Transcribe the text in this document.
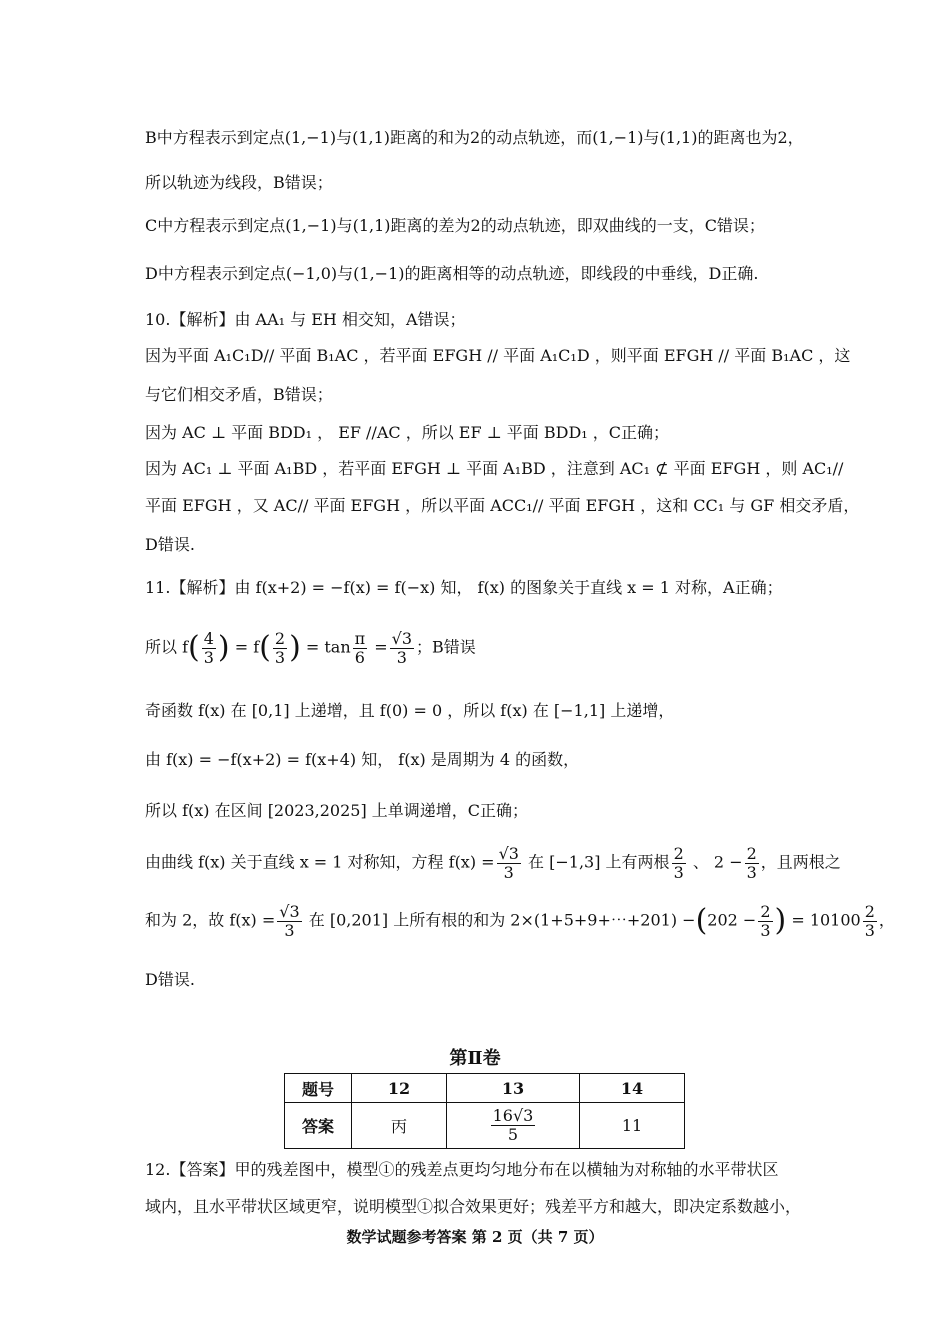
B中方程表示到定点(1,−1)与(1,1)距离的和为2的动点轨迹，而(1,−1)与(1,1)的距离也为2，
所以轨迹为线段，B错误；
C中方程表示到定点(1,−1)与(1,1)距离的差为2的动点轨迹，即双曲线的一支，C错误；
D中方程表示到定点(−1,0)与(1,−1)的距离相等的动点轨迹，即线段的中垂线，D正确.
10.【解析】由 AA₁ 与 EH 相交知，A错误；
因为平面 A₁C₁D// 平面 B₁AC ，若平面 EFGH // 平面 A₁C₁D ，则平面 EFGH // 平面 B₁AC ，这
与它们相交矛盾，B错误；
因为 AC ⊥ 平面 BDD₁ ， EF //AC ，所以 EF ⊥ 平面 BDD₁ ，C正确；
因为 AC₁ ⊥ 平面 A₁BD ，若平面 EFGH ⊥ 平面 A₁BD ，注意到 AC₁ ⊄ 平面 EFGH ，则 AC₁//
平面 EFGH ，又 AC// 平面 EFGH ，所以平面 ACC₁// 平面 EFGH ，这和 CC₁ 与 GF 相交矛盾，
D错误.
11.【解析】由 f(x+2) = −f(x) = f(−x) 知， f(x) 的图象关于直线 x = 1 对称，A正确；
所以 $f( \frac{4}{3}$ ) = $f( \frac{2}{3}$ ) = $\tan \frac{\pi}{6} = \frac{√3}{3}$ ；B错误
奇函数 f(x) 在 [0,1] 上递增，且 f(0) = 0 ，所以 f(x) 在 [−1,1] 上递增，
由 f(x) = −f(x+2) = f(x+4) 知， f(x) 是周期为 4 的函数，
所以 f(x) 在区间 [2023,2025] 上单调递增，C正确；
由曲线 f(x) 关于直线 x = 1 对称知，方程 $f(x) = \frac{√3}{3}$ 在 [−1,3] 上有两根 $\frac{2}{3}$ 、 $2 - \frac{2}{3}$ ，且两根之
和为 2，故 $f(x) = \frac{√3}{3}$ 在 [0,201] 上所有根的和为 2×(1+5+9+⋯+201) $-(202 - \frac{2}{3}$ ) = $10100 \frac{2}{3}$ ，
D错误.
第Ⅱ卷
题号	12	13	14
答案	丙	$\frac{16√3}{5}$	11
12.【答案】甲的残差图中，模型①的残差点更均匀地分布在以横轴为对称轴的水平带状区
域内，且水平带状区域更窄，说明模型①拟合效果更好；残差平方和越大，即决定系数越小，
数学试题参考答案 第 2 页（共 7 页）
